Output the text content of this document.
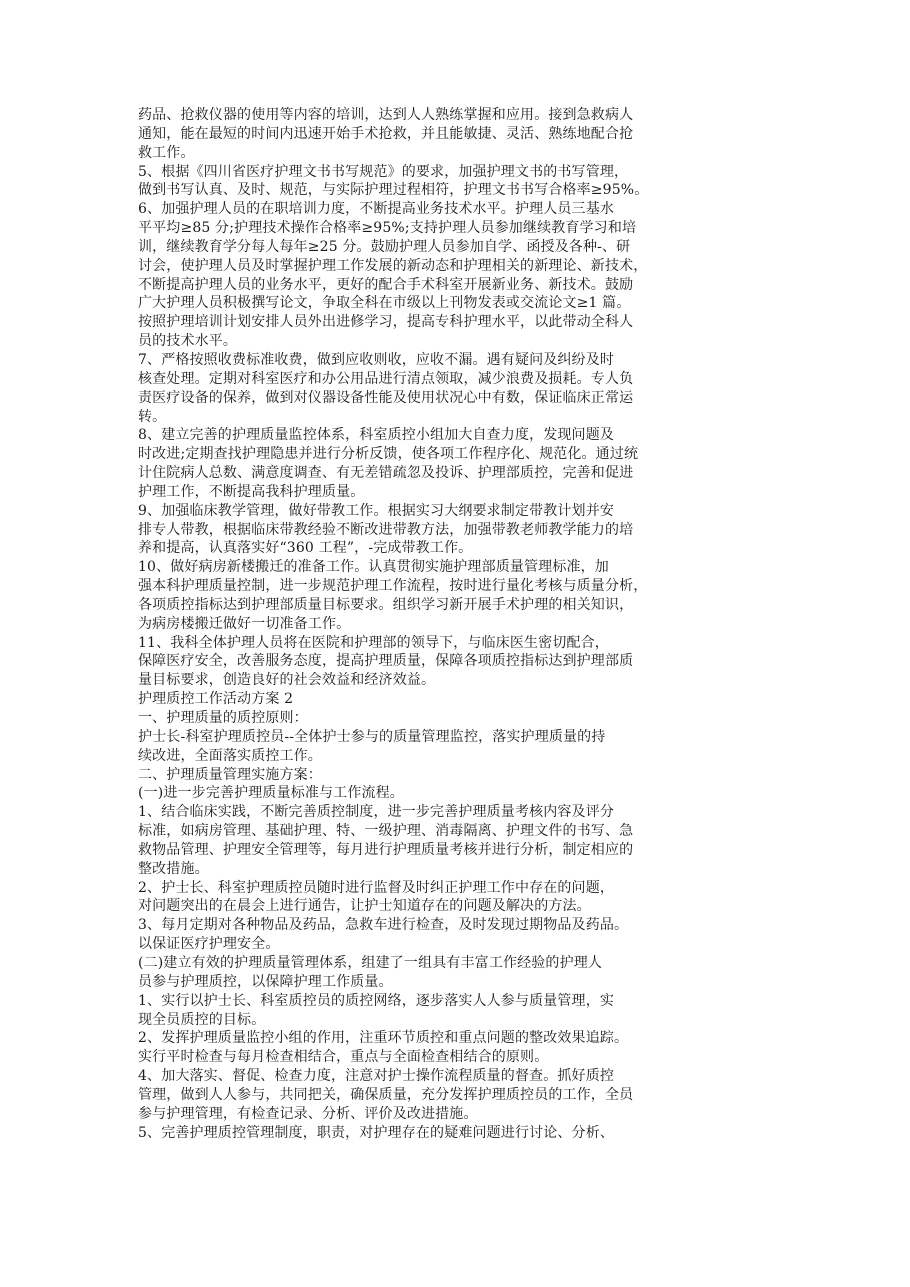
药品、抢救仪器的使用等内容的培训，达到人人熟练掌握和应用。接到急救病人
通知，能在最短的时间内迅速开始手术抢救，并且能敏捷、灵活、熟练地配合抢
救工作。
5、根据《四川省医疗护理文书书写规范》的要求，加强护理文书的书写管理，
做到书写认真、及时、规范，与实际护理过程相符，护理文书书写合格率≥95%。
6、加强护理人员的在职培训力度，不断提高业务技术水平。护理人员三基水
平平均≥85 分;护理技术操作合格率≥95%;支持护理人员参加继续教育学习和培
训，继续教育学分每人每年≥25 分。鼓励护理人员参加自学、函授及各种-、研
讨会，使护理人员及时掌握护理工作发展的新动态和护理相关的新理论、新技术，
不断提高护理人员的业务水平，更好的配合手术科室开展新业务、新技术。鼓励
广大护理人员积极撰写论文，争取全科在市级以上刊物发表或交流论文≥1 篇。
按照护理培训计划安排人员外出进修学习，提高专科护理水平，以此带动全科人
员的技术水平。
7、严格按照收费标准收费，做到应收则收，应收不漏。遇有疑问及纠纷及时
核查处理。定期对科室医疗和办公用品进行清点领取，减少浪费及损耗。专人负
责医疗设备的保养，做到对仪器设备性能及使用状况心中有数，保证临床正常运
转。
8、建立完善的护理质量监控体系，科室质控小组加大自查力度，发现问题及
时改进;定期查找护理隐患并进行分析反馈，使各项工作程序化、规范化。通过统
计住院病人总数、满意度调查、有无差错疏忽及投诉、护理部质控，完善和促进
护理工作，不断提高我科护理质量。
9、加强临床教学管理，做好带教工作。根据实习大纲要求制定带教计划并安
排专人带教，根据临床带教经验不断改进带教方法，加强带教老师教学能力的培
养和提高，认真落实好“360 工程”，-完成带教工作。
10、做好病房新楼搬迁的准备工作。认真贯彻实施护理部质量管理标准，加
强本科护理质量控制，进一步规范护理工作流程，按时进行量化考核与质量分析，
各项质控指标达到护理部质量目标要求。组织学习新开展手术护理的相关知识，
为病房楼搬迁做好一切准备工作。
11、我科全体护理人员将在医院和护理部的领导下，与临床医生密切配合，
保障医疗安全，改善服务态度，提高护理质量，保障各项质控指标达到护理部质
量目标要求，创造良好的社会效益和经济效益。
护理质控工作活动方案 2
一、护理质量的质控原则：
护士长-科室护理质控员--全体护士参与的质量管理监控，落实护理质量的持
续改进，全面落实质控工作。
二、护理质量管理实施方案：
(一)进一步完善护理质量标准与工作流程。
1、结合临床实践，不断完善质控制度，进一步完善护理质量考核内容及评分
标准，如病房管理、基础护理、特、一级护理、消毒隔离、护理文件的书写、急
救物品管理、护理安全管理等，每月进行护理质量考核并进行分析，制定相应的
整改措施。
2、护士长、科室护理质控员随时进行监督及时纠正护理工作中存在的问题，
对问题突出的在晨会上进行通告，让护士知道存在的问题及解决的方法。
3、每月定期对各种物品及药品，急救车进行检查，及时发现过期物品及药品。
以保证医疗护理安全。
(二)建立有效的护理质量管理体系，组建了一组具有丰富工作经验的护理人
员参与护理质控，以保障护理工作质量。
1、实行以护士长、科室质控员的质控网络，逐步落实人人参与质量管理，实
现全员质控的目标。
2、发挥护理质量监控小组的作用，注重环节质控和重点问题的整改效果追踪。
实行平时检查与每月检查相结合，重点与全面检查相结合的原则。
4、加大落实、督促、检查力度，注意对护士操作流程质量的督查。抓好质控
管理，做到人人参与，共同把关，确保质量，充分发挥护理质控员的工作，全员
参与护理管理，有检查记录、分析、评价及改进措施。
5、完善护理质控管理制度，职责，对护理存在的疑难问题进行讨论、分析、
